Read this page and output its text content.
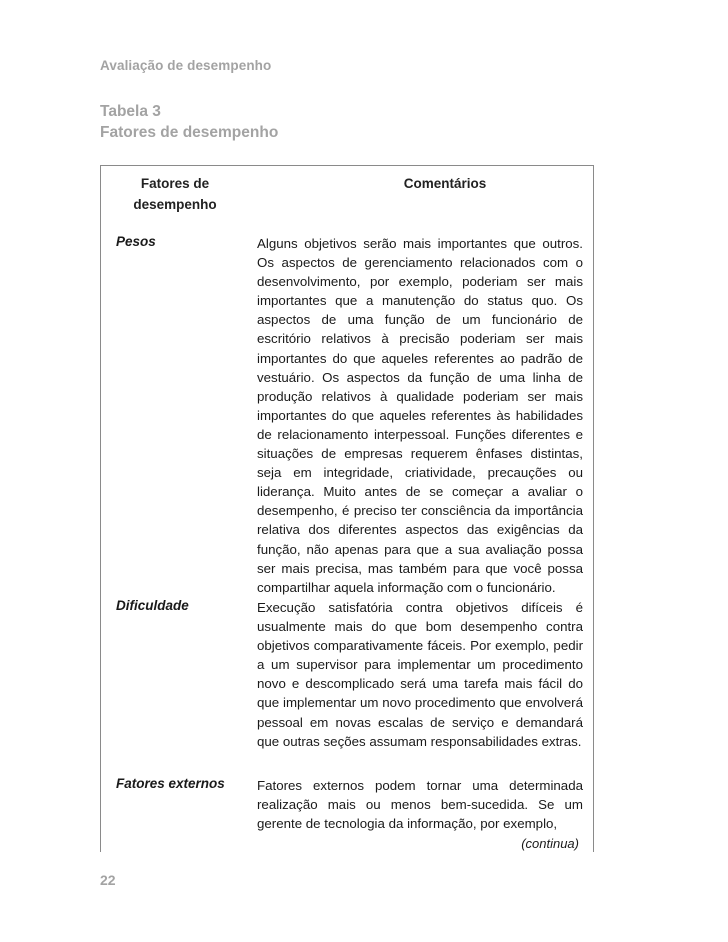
Avaliação de desempenho
Tabela 3
Fatores de desempenho
Fatores de
desempenho
Comentários
Pesos	Alguns objetivos serão mais importantes que outros. Os aspectos de gerenciamento relacionados com o desenvolvimento, por exemplo, poderiam ser mais importantes que a manutenção do status quo. Os aspectos de uma função de um funcionário de escritório relativos à precisão poderiam ser mais importantes do que aqueles referentes ao padrão de vestuário. Os aspectos da função de uma linha de produção relativos à qualidade poderiam ser mais importantes do que aqueles referentes às habilidades de relacionamento interpessoal. Funções diferentes e situações de empresas requerem ênfases distintas, seja em integridade, criatividade, precauções ou liderança. Muito antes de se começar a avaliar o desempenho, é preciso ter consciência da importância relativa dos diferentes aspectos das exigências da função, não apenas para que a sua avaliação possa ser mais precisa, mas também para que você possa compartilhar aquela informação com o funcionário.
Dificuldade	Execução satisfatória contra objetivos difíceis é usualmente mais do que bom desempenho contra objetivos comparativamente fáceis. Por exemplo, pedir a um supervisor para implementar um procedimento novo e descomplicado será uma tarefa mais fácil do que implementar um novo procedimento que envolverá pessoal em novas escalas de serviço e demandará que outras seções assumam responsabilidades extras.
Fatores externos Fatores externos podem tornar uma determinada realização mais ou menos bem-sucedida. Se um gerente de tecnologia da informação, por exemplo,
(continua)
22
